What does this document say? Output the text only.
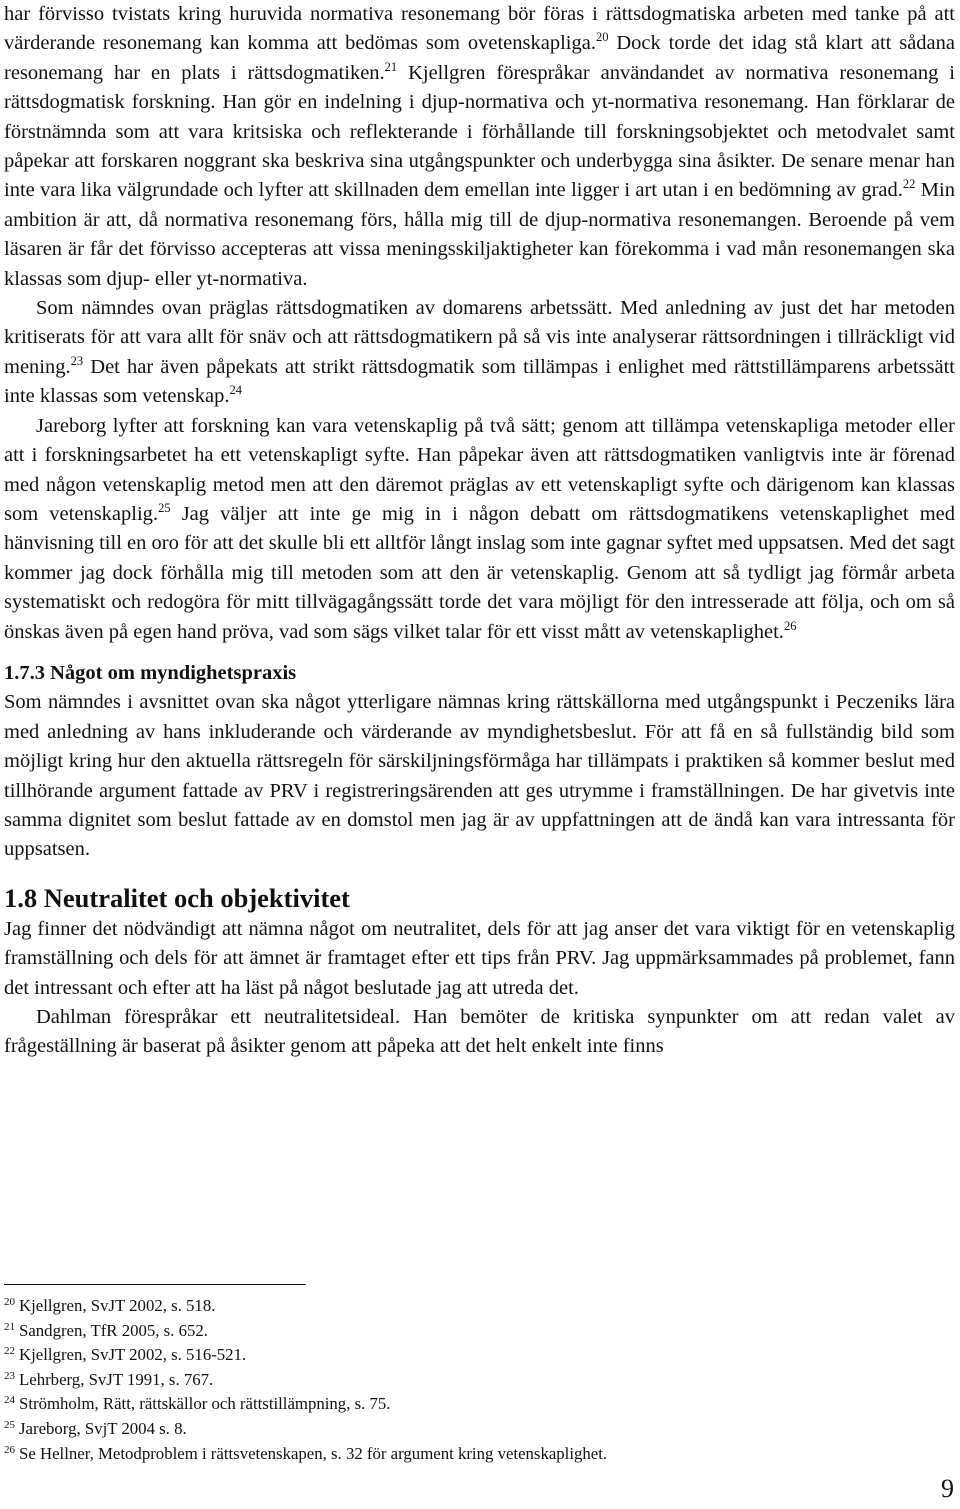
har förvisso tvistats kring huruvida normativa resonemang bör föras i rättsdogmatiska arbeten med tanke på att värderande resonemang kan komma att bedömas som ovetenskapliga.$^{20}$ Dock torde det idag stå klart att sådana resonemang har en plats i rättsdogmatiken.$^{21}$ Kjellgren förespråkar användandet av normativa resonemang i rättsdogmatisk forskning. Han gör en indelning i djup-normativa och yt-normativa resonemang. Han förklarar de förstnämnda som att vara kritsiska och reflekterande i förhållande till forskningsobjektet och metodvalet samt påpekar att forskaren noggrant ska beskriva sina utgångspunkter och underbygga sina åsikter. De senare menar han inte vara lika välgrundade och lyfter att skillnaden dem emellan inte ligger i art utan i en bedömning av grad.$^{22}$ Min ambition är att, då normativa resonemang förs, hålla mig till de djup-normativa resonemangen. Beroende på vem läsaren är får det förvisso accepteras att vissa meningsskiljaktigheter kan förekomma i vad mån resonemangen ska klassas som djup- eller yt-normativa.

Som nämndes ovan präglas rättsdogmatiken av domarens arbetssätt. Med anledning av just det har metoden kritiserats för att vara allt för snäv och att rättsdogmatikern på så vis inte analyserar rättsordningen i tillräckligt vid mening.$^{23}$ Det har även påpekats att strikt rättsdogmatik som tillämpas i enlighet med rättstillämparens arbetssätt inte klassas som vetenskap.$^{24}$

Jareborg lyfter att forskning kan vara vetenskaplig på två sätt; genom att tillämpa vetenskapliga metoder eller att i forskningsarbetet ha ett vetenskapligt syfte. Han påpekar även att rättsdogmatiken vanligtvis inte är förenad med någon vetenskaplig metod men att den däremot präglas av ett vetenskapligt syfte och därigenom kan klassas som vetenskaplig.$^{25}$ Jag väljer att inte ge mig in i någon debatt om rättsdogmatikens vetenskaplighet med hänvisning till en oro för att det skulle bli ett alltför långt inslag som inte gagnar syftet med uppsatsen. Med det sagt kommer jag dock förhålla mig till metoden som att den är vetenskaplig. Genom att så tydligt jag förmår arbeta systematiskt och redogöra för mitt tillvägagångssätt torde det vara möjligt för den intresserade att följa, och om så önskas även på egen hand pröva, vad som sägs vilket talar för ett visst mått av vetenskaplighet.$^{26}$

1.7.3 Något om myndighetspraxis

Som nämndes i avsnittet ovan ska något ytterligare nämnas kring rättskällorna med utgångspunkt i Peczeniks lära med anledning av hans inkluderande och värderande av myndighetsbeslut. För att få en så fullständig bild som möjligt kring hur den aktuella rättsregeln för särskiljningsförmåga har tillämpats i praktiken så kommer beslut med tillhörande argument fattade av PRV i registreringsärenden att ges utrymme i framställningen. De har givetvis inte samma dignitet som beslut fattade av en domstol men jag är av uppfattningen att de ändå kan vara intressanta för uppsatsen.

1.8 Neutralitet och objektivitet

Jag finner det nödvändigt att nämna något om neutralitet, dels för att jag anser det vara viktigt för en vetenskaplig framställning och dels för att ämnet är framtaget efter ett tips från PRV. Jag uppmärksammades på problemet, fann det intressant och efter att ha läst på något beslutade jag att utreda det.

Dahlman förespråkar ett neutralitetsideal. Han bemöter de kritiska synpunkter om att redan valet av frågeställning är baserat på åsikter genom att påpeka att det helt enkelt inte finns

$^{20}$ Kjellgren, SvJT 2002, s. 518.
$^{21}$ Sandgren, TfR 2005, s. 652.
$^{22}$ Kjellgren, SvJT 2002, s. 516-521.
$^{23}$ Lehrberg, SvJT 1991, s. 767.
$^{24}$ Strömholm, Rätt, rättskällor och rättstillämpning, s. 75.
$^{25}$ Jareborg, SvjT 2004 s. 8.
$^{26}$ Se Hellner, Metodproblem i rättsvetenskapen, s. 32 för argument kring vetenskaplighet.
9
